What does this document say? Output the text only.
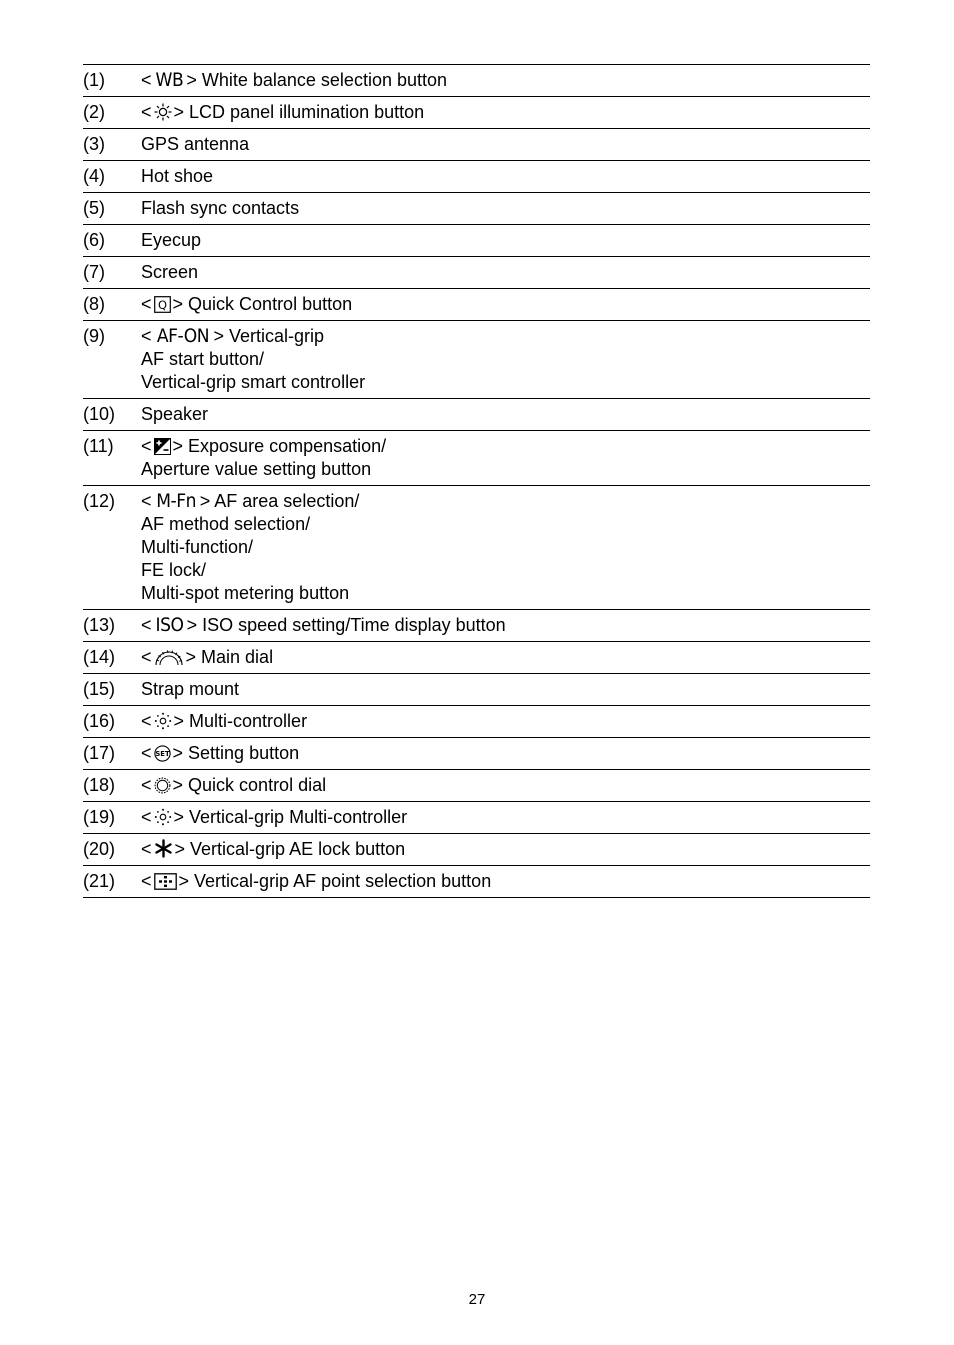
(1)	< WB > White balance selection button
(2)	< > LCD panel illumination button
(3)	GPS antenna
(4)	Hot shoe
(5)	Flash sync contacts
(6)	Eyecup
(7)	Screen
(8)	< Q > Quick Control button
(9)	< AF-ON > Vertical-grip
AF start button/
Vertical-grip smart controller
(10)	Speaker
(11)	< > Exposure compensation/
Aperture value setting button
(12)	< M-Fn > AF area selection/
AF method selection/
Multi-function/
FE lock/
Multi-spot metering button
(13)	< ISO > ISO speed setting/Time display button
(14)	< > Main dial
(15)	Strap mount
(16)	< > Multi-controller
(17)	< SET > Setting button
(18)	< > Quick control dial
(19)	< > Vertical-grip Multi-controller
(20)	< > Vertical-grip AE lock button
(21)	< > Vertical-grip AF point selection button
27
